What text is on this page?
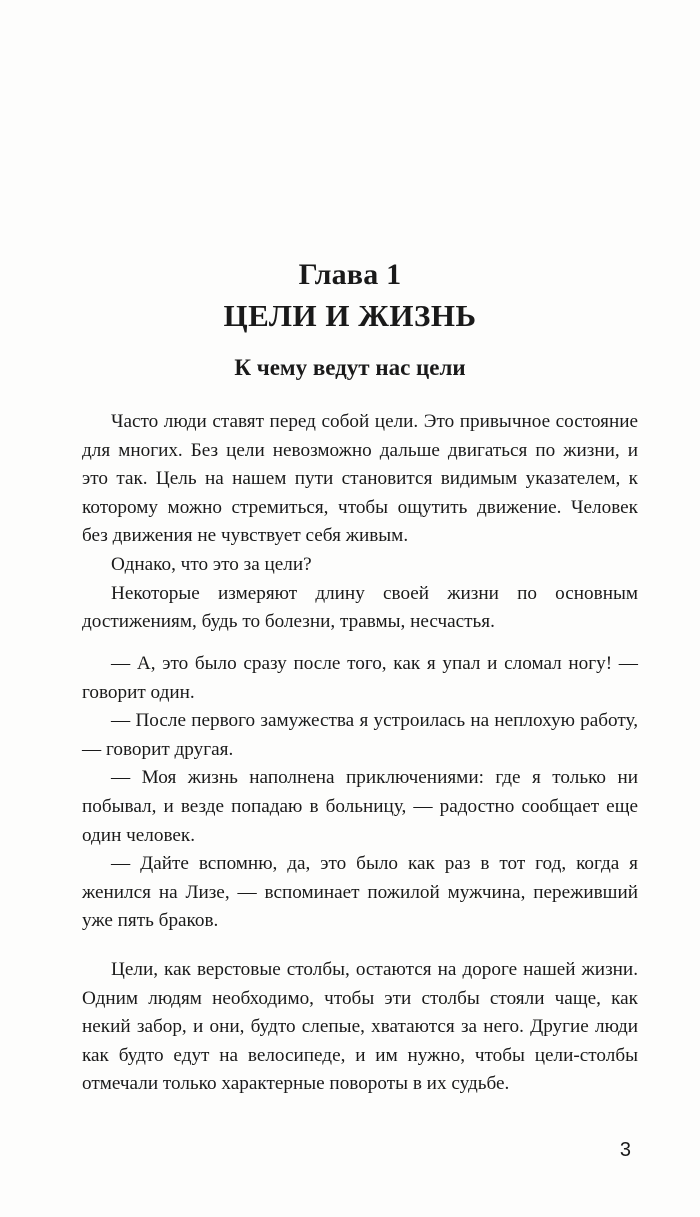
Глава 1
ЦЕЛИ И ЖИЗНЬ
К чему ведут нас цели

Часто люди ставят перед собой цели. Это привычное состояние для многих. Без цели невозможно дальше двигаться по жизни, и это так. Цель на нашем пути становится видимым указателем, к которому можно стремиться, чтобы ощутить движение. Человек без движения не чувствует себя живым.

Однако, что это за цели?

Некоторые измеряют длину своей жизни по основным достижениям, будь то болезни, травмы, несчастья.

— А, это было сразу после того, как я упал и сломал ногу! — говорит один.

— После первого замужества я устроилась на неплохую работу, — говорит другая.

— Моя жизнь наполнена приключениями: где я только ни побывал, и везде попадаю в больницу, — радостно сообщает еще один человек.

— Дайте вспомню, да, это было как раз в тот год, когда я женился на Лизе, — вспоминает пожилой мужчина, переживший уже пять браков.

Цели, как верстовые столбы, остаются на дороге нашей жизни. Одним людям необходимо, чтобы эти столбы стояли чаще, как некий забор, и они, будто слепые, хватаются за него. Другие люди как будто едут на велосипеде, и им нужно, чтобы цели-столбы отмечали только характерные повороты в их судьбе.

3
